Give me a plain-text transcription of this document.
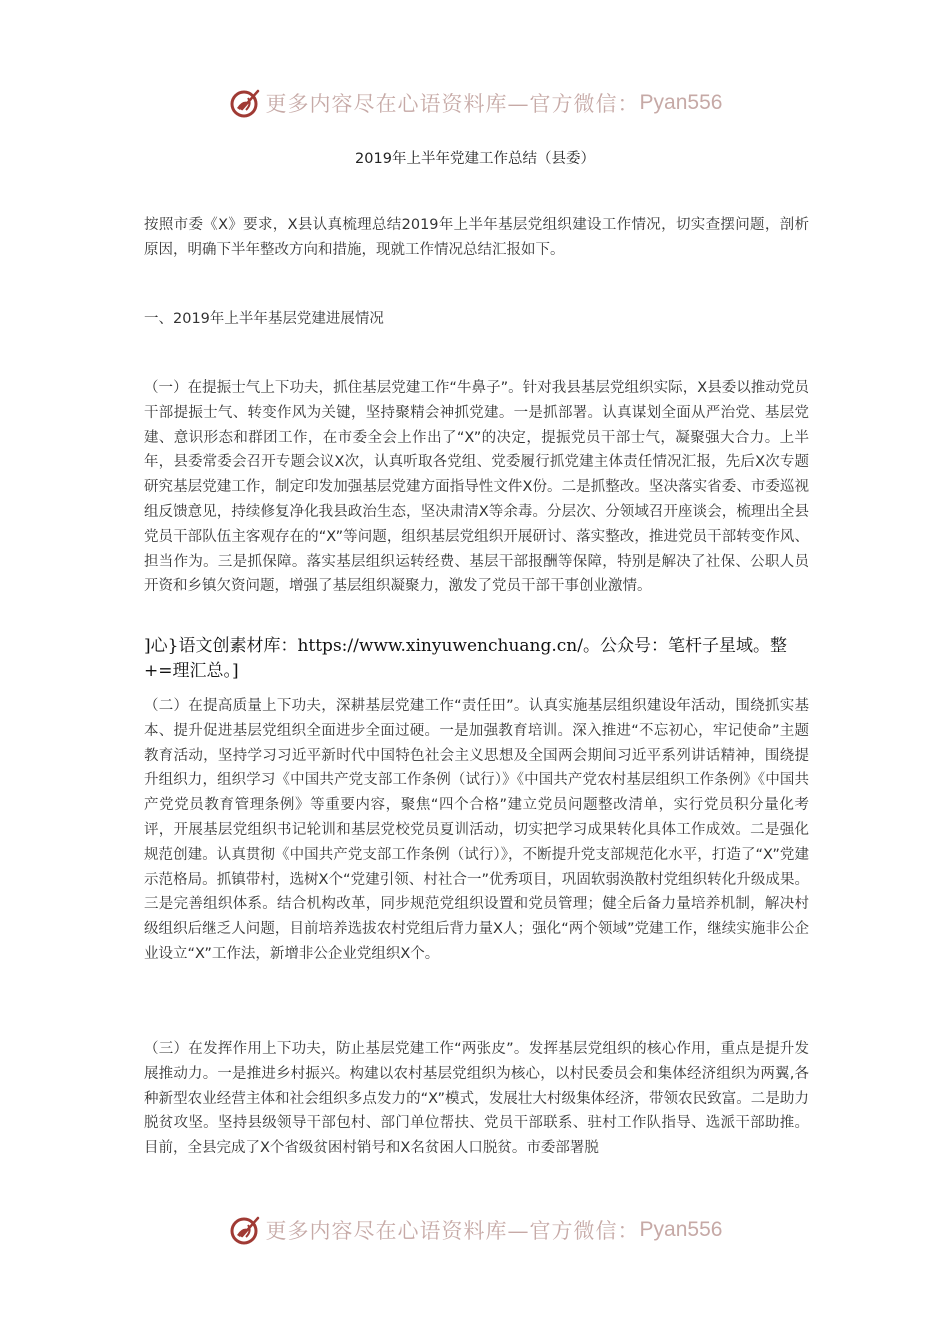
更多内容尽在心语资料库—官方微信： Pyan556
2019年上半年党建工作总结（县委）

按照市委《X》要求，X县认真梳理总结2019年上半年基层党组织建设工作情况，切实查摆问题，剖析原因，明确下半年整改方向和措施，现就工作情况总结汇报如下。

一、2019年上半年基层党建进展情况

（一）在提振士气上下功夫，抓住基层党建工作“牛鼻子”。针对我县基层党组织实际，X县委以推动党员干部提振士气、转变作风为关键，坚持聚精会神抓党建。一是抓部署。认真谋划全面从严治党、基层党建、意识形态和群团工作，在市委全会上作出了“X”的决定，提振党员干部士气，凝聚强大合力。上半年，县委常委会召开专题会议X次，认真听取各党组、党委履行抓党建主体责任情况汇报，先后X次专题研究基层党建工作，制定印发加强基层党建方面指导性文件X份。二是抓整改。坚决落实省委、市委巡视组反馈意见，持续修复净化我县政治生态，坚决肃清X等余毒。分层次、分领域召开座谈会，梳理出全县党员干部队伍主客观存在的“X”等问题，组织基层党组织开展研讨、落实整改，推进党员干部转变作风、担当作为。三是抓保障。落实基层组织运转经费、基层干部报酬等保障，特别是解决了社保、公职人员开资和乡镇欠资问题，增强了基层组织凝聚力，激发了党员干部干事创业激情。

]心}语文创素材库：https://www.xinyuwenchuang.cn/。公众号：笔杆子星域。整+=理汇总。]

（二）在提高质量上下功夫，深耕基层党建工作“责任田”。认真实施基层组织建设年活动，围绕抓实基本、提升促进基层党组织全面进步全面过硬。一是加强教育培训。深入推进“不忘初心，牢记使命”主题教育活动，坚持学习习近平新时代中国特色社会主义思想及全国两会期间习近平系列讲话精神，围绕提升组织力，组织学习《中国共产党支部工作条例（试行）》《中国共产党农村基层组织工作条例》《中国共产党党员教育管理条例》等重要内容，聚焦“四个合格”建立党员问题整改清单，实行党员积分量化考评，开展基层党组织书记轮训和基层党校党员夏训活动，切实把学习成果转化具体工作成效。二是强化规范创建。认真贯彻《中国共产党支部工作条例（试行）》，不断提升党支部规范化水平，打造了“X”党建示范格局。抓镇带村，选树X个“党建引领、村社合一”优秀项目，巩固软弱涣散村党组织转化升级成果。三是完善组织体系。结合机构改革，同步规范党组织设置和党员管理；健全后备力量培养机制，解决村级组织后继乏人问题，目前培养选拔农村党组后背力量X人；强化“两个领域”党建工作，继续实施非公企业设立“X”工作法，新增非公企业党组织X个。

（三）在发挥作用上下功夫，防止基层党建工作“两张皮”。发挥基层党组织的核心作用，重点是提升发展推动力。一是推进乡村振兴。构建以农村基层党组织为核心，以村民委员会和集体经济组织为两翼,各种新型农业经营主体和社会组织多点发力的“X”模式，发展壮大村级集体经济，带领农民致富。二是助力脱贫攻坚。坚持县级领导干部包村、部门单位帮扶、党员干部联系、驻村工作队指导、选派干部助推。目前，全县完成了X个省级贫困村销号和X名贫困人口脱贫。市委部署脱

更多内容尽在心语资料库—官方微信： Pyan556
